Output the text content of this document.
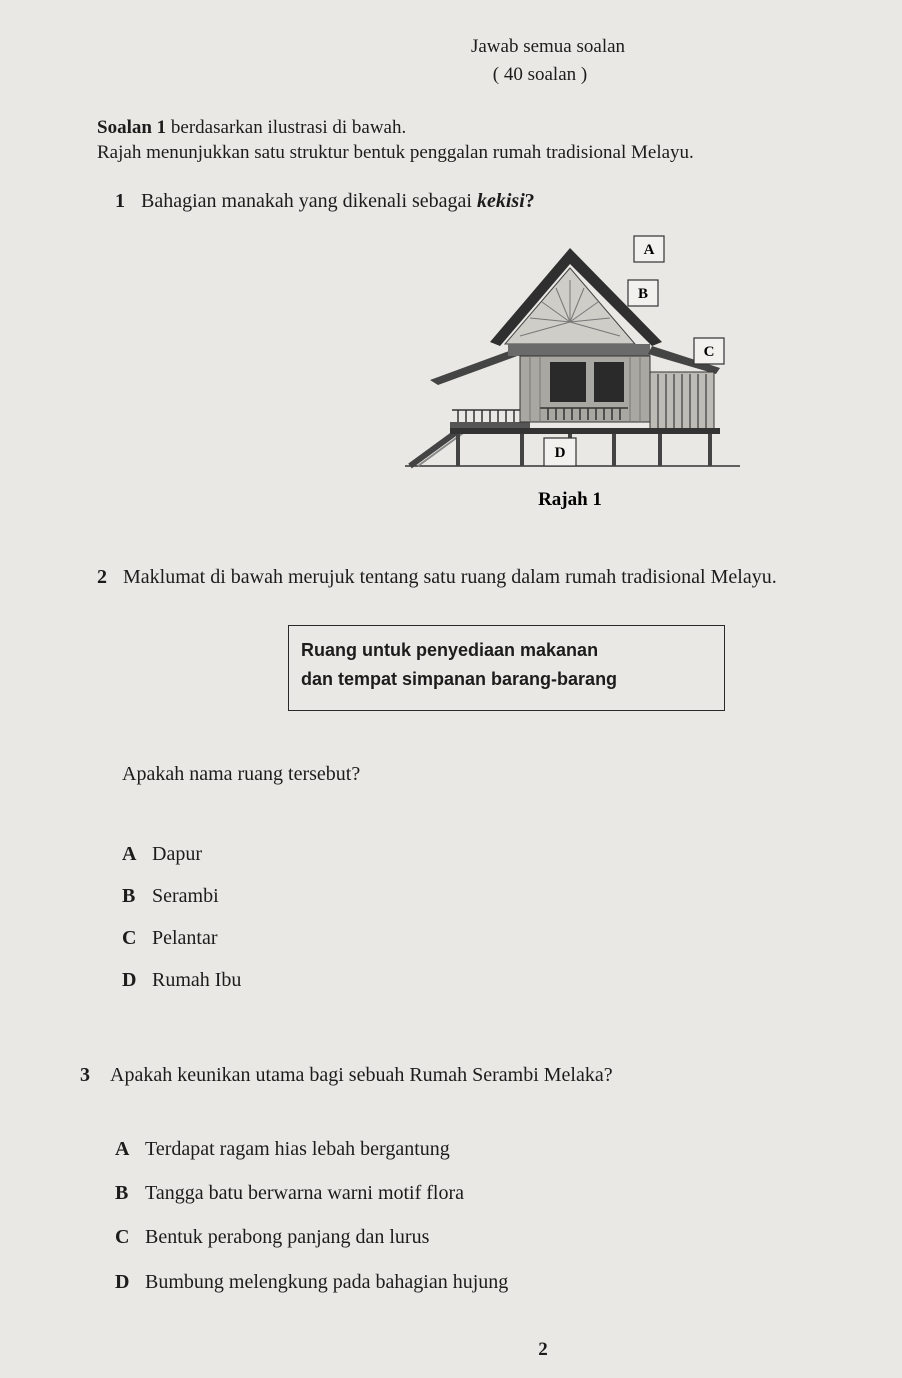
Jawab semua soalan
( 40 soalan )
Soalan 1 berdasarkan ilustrasi di bawah.
Rajah menunjukkan satu struktur bentuk penggalan rumah tradisional Melayu.
1 Bahagian manakah yang dikenali sebagai kekisi?
A
B
C
D
Rajah 1
2 Maklumat di bawah merujuk tentang satu ruang dalam rumah tradisional Melayu.
Ruang untuk penyediaan makanan
dan tempat simpanan barang-barang
Apakah nama ruang tersebut?
A Dapur
B Serambi
C Pelantar
D Rumah Ibu
3 Apakah keunikan utama bagi sebuah Rumah Serambi Melaka?
A Terdapat ragam hias lebah bergantung
B Tangga batu berwarna warni motif flora
C Bentuk perabong panjang dan lurus
D Bumbung melengkung pada bahagian hujung
2
